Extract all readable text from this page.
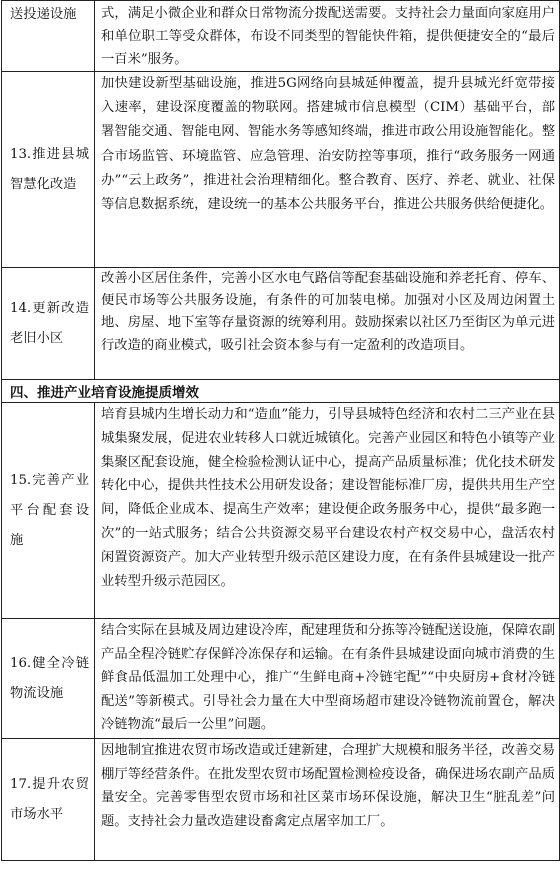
送投递设施	式，满足小微企业和群众日常物流分拨配送需要。支持社会力量面向家庭用户和单位职工等受众群体，布设不同类型的智能快件箱，提供便捷安全的“最后一百米”服务。
13.推进县城智慧化改造	加快建设新型基础设施，推进5G网络向县城延伸覆盖，提升县城光纤宽带接入速率，建设深度覆盖的物联网。搭建城市信息模型（CIM）基础平台，部署智能交通、智能电网、智能水务等感知终端，推进市政公用设施智能化。整合市场监管、环境监管、应急管理、治安防控等事项，推行“政务服务一网通办”“云上政务”，推进社会治理精细化。整合教育、医疗、养老、就业、社保等信息数据系统，建设统一的基本公共服务平台，推进公共服务供给便捷化。
14.更新改造老旧小区	改善小区居住条件，完善小区水电气路信等配套基础设施和养老托育、停车、便民市场等公共服务设施，有条件的可加装电梯。加强对小区及周边闲置土地、房屋、地下室等存量资源的统筹利用。鼓励探索以社区乃至街区为单元进行改造的商业模式，吸引社会资本参与有一定盈利的改造项目。
四、推进产业培育设施提质增效	
15.完善产业平台配套设施	培育县城内生增长动力和“造血”能力，引导县城特色经济和农村二三产业在县城集聚发展，促进农业转移人口就近城镇化。完善产业园区和特色小镇等产业集聚区配套设施，健全检验检测认证中心，提高产品质量标准；优化技术研发转化中心，提供共性技术公用研发设备；建设智能标准厂房，提供共用生产空间，降低企业成本、提高生产效率；建设便企政务服务中心，提供“最多跑一次”的一站式服务；结合公共资源交易平台建设农村产权交易中心，盘活农村闲置资源资产。加大产业转型升级示范区建设力度，在有条件县城建设一批产业转型升级示范园区。
16.健全冷链物流设施	结合实际在县城及周边建设冷库，配建理货和分拣等冷链配送设施，保障农副产品全程冷链贮存保鲜冷冻保存和运输。在有条件县城建设面向城市消费的生鲜食品低温加工处理中心，推广“生鲜电商+冷链宅配”“中央厨房+食材冷链配送”等新模式。引导社会力量在大中型商场超市建设冷链物流前置仓，解决冷链物流“最后一公里”问题。
17.提升农贸市场水平	因地制宜推进农贸市场改造或迁建新建，合理扩大规模和服务半径，改善交易棚厅等经营条件。在批发型农贸市场配置检测检疫设备，确保进场农副产品质量安全。完善零售型农贸市场和社区菜市场环保设施，解决卫生“脏乱差”问题。支持社会力量改造建设畜禽定点屠宰加工厂。
